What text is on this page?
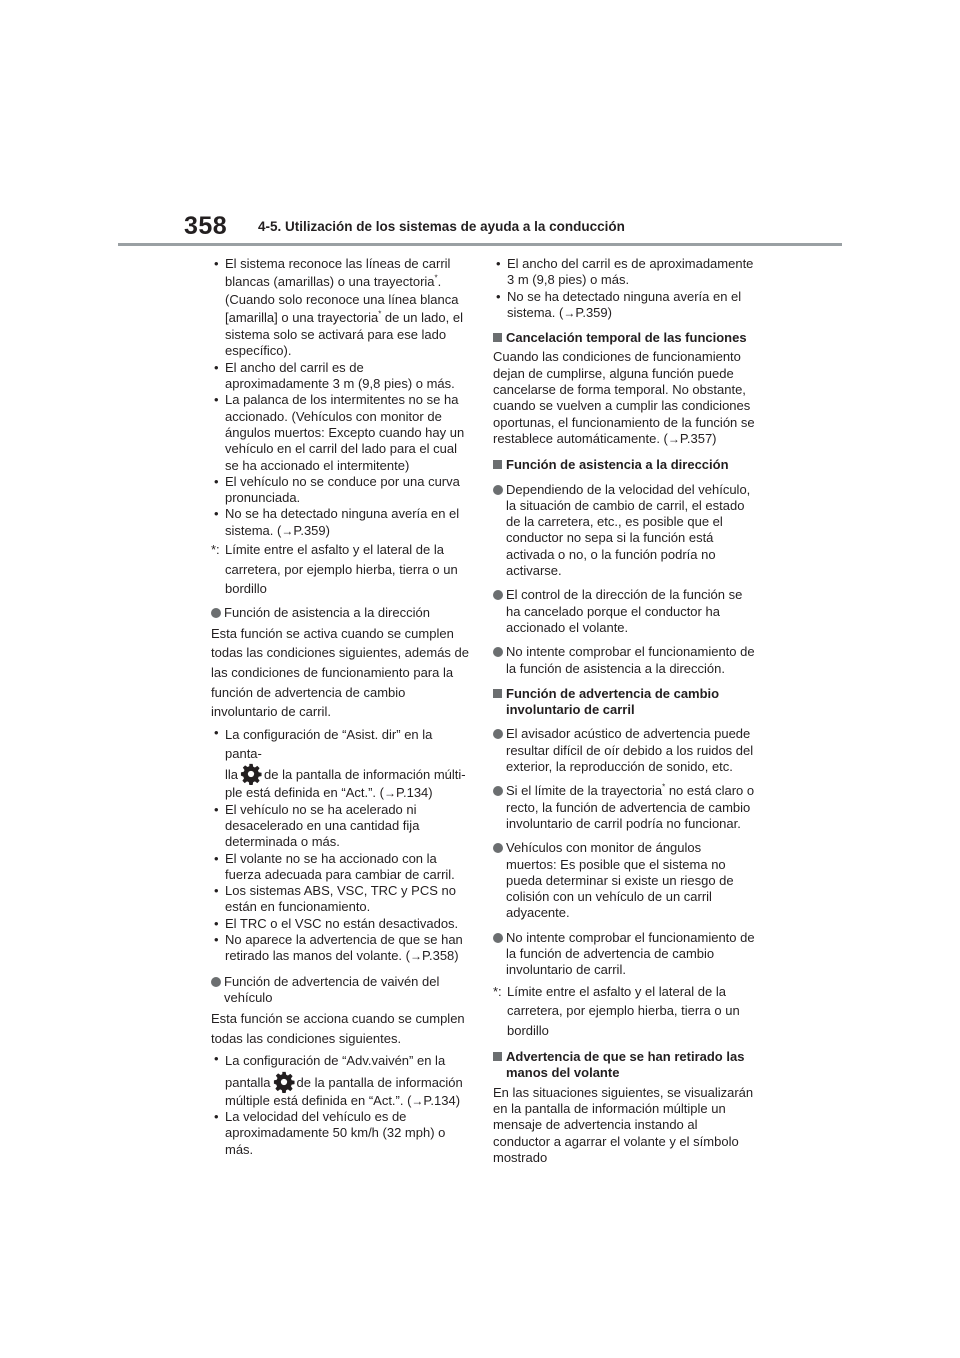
358 4-5. Utilización de los sistemas de ayuda a la conducción
• El sistema reconoce las líneas de carril
blancas (amarillas) o una trayectoria*.
(Cuando solo reconoce una línea blanca
[amarilla] o una trayectoria* de un lado, el sistema solo se activará para ese lado específico).
• El ancho del carril es de aproximadamente 3 m (9,8 pies) o más.
• La palanca de los intermitentes no se ha accionado. (Vehículos con monitor de ángulos muertos: Excepto cuando hay un vehículo en el carril del lado para el cual se ha accionado el intermitente)
• El vehículo no se conduce por una curva pronunciada.
• No se ha detectado ninguna avería en el sistema. (→P.359)
*: Límite entre el asfalto y el lateral de la carretera, por ejemplo hierba, tierra o un bordillo
Función de asistencia a la dirección
Esta función se activa cuando se cumplen todas las condiciones siguientes, además de las condiciones de funcionamiento para la función de advertencia de cambio involuntario de carril.
• La configuración de “Asist. dir” en la panta-
lla de la pantalla de información múlti-
ple está definida en “Act.”. (→P.134)
• El vehículo no se ha acelerado ni desacelerado en una cantidad fija determinada o más.
• El volante no se ha accionado con la fuerza adecuada para cambiar de carril.
• Los sistemas ABS, VSC, TRC y PCS no están en funcionamiento.
• El TRC o el VSC no están desactivados.
• No aparece la advertencia de que se han retirado las manos del volante. (→P.358)
Función de advertencia de vaivén del vehículo
Esta función se acciona cuando se cumplen todas las condiciones siguientes.
• La configuración de “Adv.vaivén” en la
pantalla de la pantalla de información
múltiple está definida en “Act.”. (→P.134)
• La velocidad del vehículo es de aproximadamente 50 km/h (32 mph) o más.
• El ancho del carril es de aproximadamente 3 m (9,8 pies) o más.
• No se ha detectado ninguna avería en el sistema. (→P.359)
Cancelación temporal de las funciones
Cuando las condiciones de funcionamiento dejan de cumplirse, alguna función puede cancelarse de forma temporal. No obstante, cuando se vuelven a cumplir las condiciones oportunas, el funcionamiento de la función se restablece automáticamente. (→P.357)
Función de asistencia a la dirección
Dependiendo de la velocidad del vehículo, la situación de cambio de carril, el estado de la carretera, etc., es posible que el conductor no sepa si la función está activada o no, o la función podría no activarse.
El control de la dirección de la función se ha cancelado porque el conductor ha accionado el volante.
No intente comprobar el funcionamiento de la función de asistencia a la dirección.
Función de advertencia de cambio involuntario de carril
El avisador acústico de advertencia puede resultar difícil de oír debido a los ruidos del exterior, la reproducción de sonido, etc.
Si el límite de la trayectoria* no está claro o recto, la función de advertencia de cambio involuntario de carril podría no funcionar.
Vehículos con monitor de ángulos muertos: Es posible que el sistema no pueda determinar si existe un riesgo de colisión con un vehículo de un carril adyacente.
No intente comprobar el funcionamiento de la función de advertencia de cambio involuntario de carril.
*: Límite entre el asfalto y el lateral de la carretera, por ejemplo hierba, tierra o un bordillo
Advertencia de que se han retirado las manos del volante
En las situaciones siguientes, se visualizarán en la pantalla de información múltiple un mensaje de advertencia instando al conductor a agarrar el volante y el símbolo mostrado
